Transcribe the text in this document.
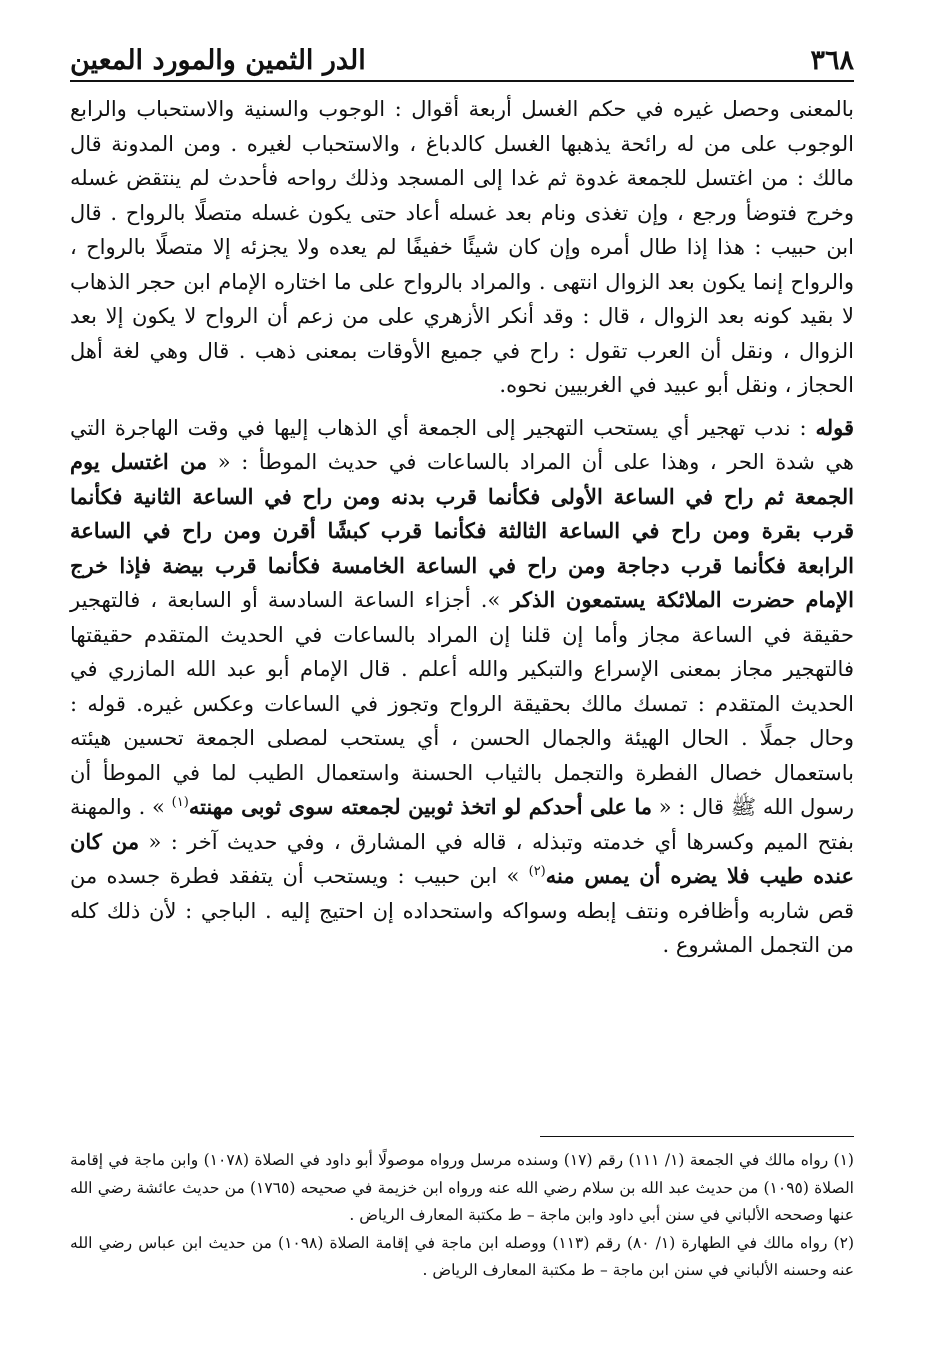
٣٦٨
الدر الثمين والمورد المعين

بالمعنى وحصل غيره في حكم الغسل أربعة أقوال : الوجوب والسنية والاستحباب والرابع الوجوب على من له رائحة يذهبها الغسل كالدباغ ، والاستحباب لغيره . ومن المدونة قال مالك : من اغتسل للجمعة غدوة ثم غدا إلى المسجد وذلك رواحه فأحدث لم ينتقض غسله وخرج فتوضأ ورجع ، وإن تغذى ونام بعد غسله أعاد حتى يكون غسله متصلًا بالرواح . قال ابن حبيب : هذا إذا طال أمره وإن كان شيئًا خفيفًا لم يعده ولا يجزئه إلا متصلًا بالرواح ، والرواح إنما يكون بعد الزوال انتهى . والمراد بالرواح على ما اختاره الإمام ابن حجر الذهاب لا بقيد كونه بعد الزوال ، قال : وقد أنكر الأزهري على من زعم أن الرواح لا يكون إلا بعد الزوال ، ونقل أن العرب تقول : راح في جميع الأوقات بمعنى ذهب . قال وهي لغة أهل الحجاز ، ونقل أبو عبيد في الغربيين نحوه.

قوله : ندب تهجير أي يستحب التهجير إلى الجمعة أي الذهاب إليها في وقت الهاجرة التي هي شدة الحر ، وهذا على أن المراد بالساعات في حديث الموطأ : « من اغتسل يوم الجمعة ثم راح في الساعة الأولى فكأنما قرب بدنه ومن راح في الساعة الثانية فكأنما قرب بقرة ومن راح في الساعة الثالثة فكأنما قرب كبشًا أقرن ومن راح في الساعة الرابعة فكأنما قرب دجاجة ومن راح في الساعة الخامسة فكأنما قرب بيضة فإذا خرج الإمام حضرت الملائكة يستمعون الذكر ». أجزاء الساعة السادسة أو السابعة ، فالتهجير حقيقة في الساعة مجاز وأما إن قلنا إن المراد بالساعات في الحديث المتقدم حقيقتها فالتهجير مجاز بمعنى الإسراع والتبكير والله أعلم . قال الإمام أبو عبد الله المازري في الحديث المتقدم : تمسك مالك بحقيقة الرواح وتجوز في الساعات وعكس غيره. قوله : وحال جملًا . الحال الهيئة والجمال الحسن ، أي يستحب لمصلى الجمعة تحسين هيئته باستعمال خصال الفطرة والتجمل بالثياب الحسنة واستعمال الطيب لما في الموطأ أن رسول الله ﷺ قال : « ما على أحدكم لو اتخذ ثوبين لجمعته سوى ثوبى مهنته$^{(١)}$ » . والمهنة بفتح الميم وكسرها أي خدمته وتبذله ، قاله في المشارق ، وفي حديث آخر : « من كان عنده طيب فلا يضره أن يمس منه$^{(٢)}$ » ابن حبيب : ويستحب أن يتفقد فطرة جسده من قص شاربه وأظافره ونتف إبطه وسواكه واستحداده إن احتيج إليه . الباجي : لأن ذلك كله من التجمل المشروع .

(١) رواه مالك في الجمعة (١/ ١١١) رقم (١٧) وسنده مرسل ورواه موصولًا أبو داود في الصلاة (١٠٧٨) وابن ماجة في إقامة الصلاة (١٠٩٥) من حديث عبد الله بن سلام رضي الله عنه ورواه ابن خزيمة في صحيحه (١٧٦٥) من حديث عائشة رضي الله عنها وصححه الألباني في سنن أبي داود وابن ماجة – ط مكتبة المعارف الرياض .

(٢) رواه مالك في الطهارة (١/ ٨٠) رقم (١١٣) ووصله ابن ماجة في إقامة الصلاة (١٠٩٨) من حديث ابن عباس رضي الله عنه وحسنه الألباني في سنن ابن ماجة – ط مكتبة المعارف الرياض .
